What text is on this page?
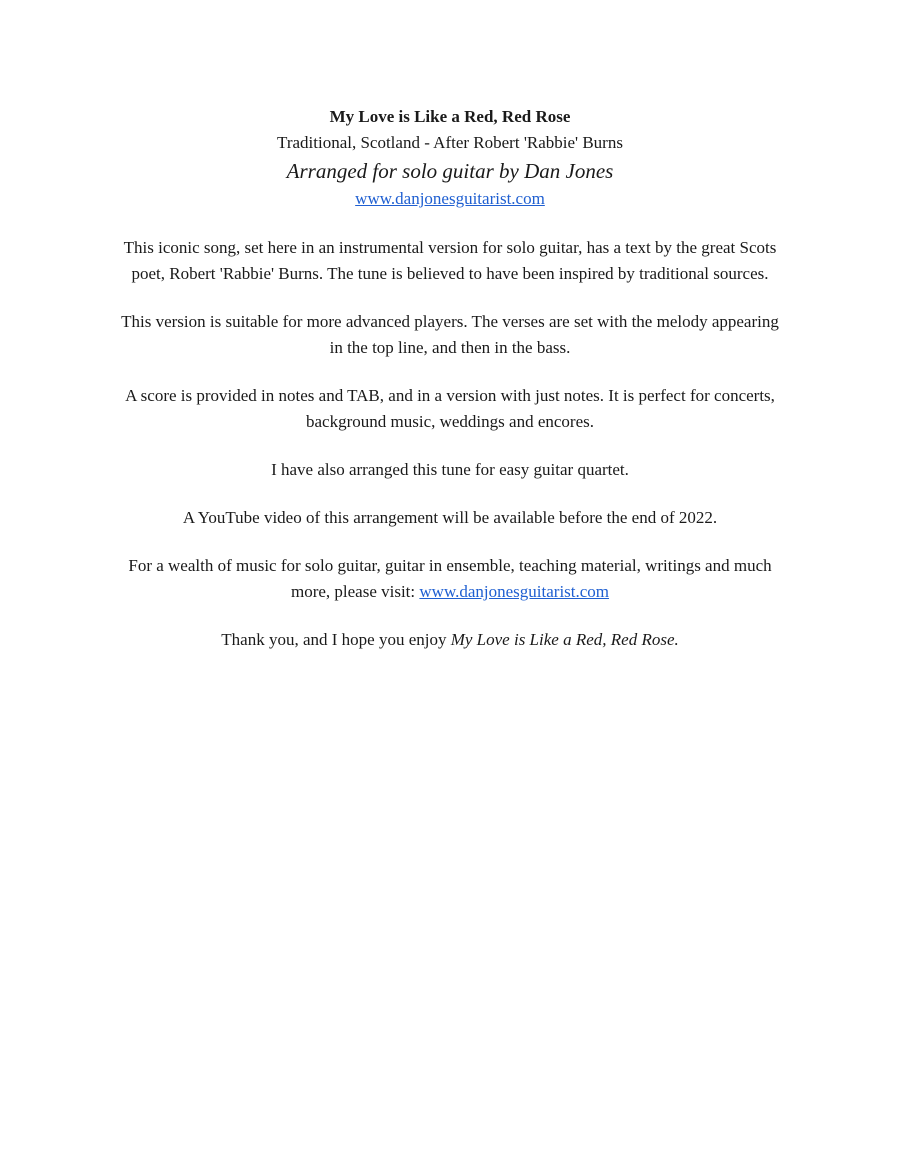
My Love is Like a Red, Red Rose

Traditional, Scotland - After Robert 'Rabbie' Burns

Arranged for solo guitar by Dan Jones

www.danjonesguitarist.com

This iconic song, set here in an instrumental version for solo guitar, has a text by the great Scots poet, Robert 'Rabbie' Burns. The tune is believed to have been inspired by traditional sources.

This version is suitable for more advanced players. The verses are set with the melody appearing in the top line, and then in the bass.

A score is provided in notes and TAB, and in a version with just notes. It is perfect for concerts, background music, weddings and encores.

I have also arranged this tune for easy guitar quartet.

A YouTube video of this arrangement will be available before the end of 2022.

For a wealth of music for solo guitar, guitar in ensemble, teaching material, writings and much more, please visit: www.danjonesguitarist.com

Thank you, and I hope you enjoy My Love is Like a Red, Red Rose.
